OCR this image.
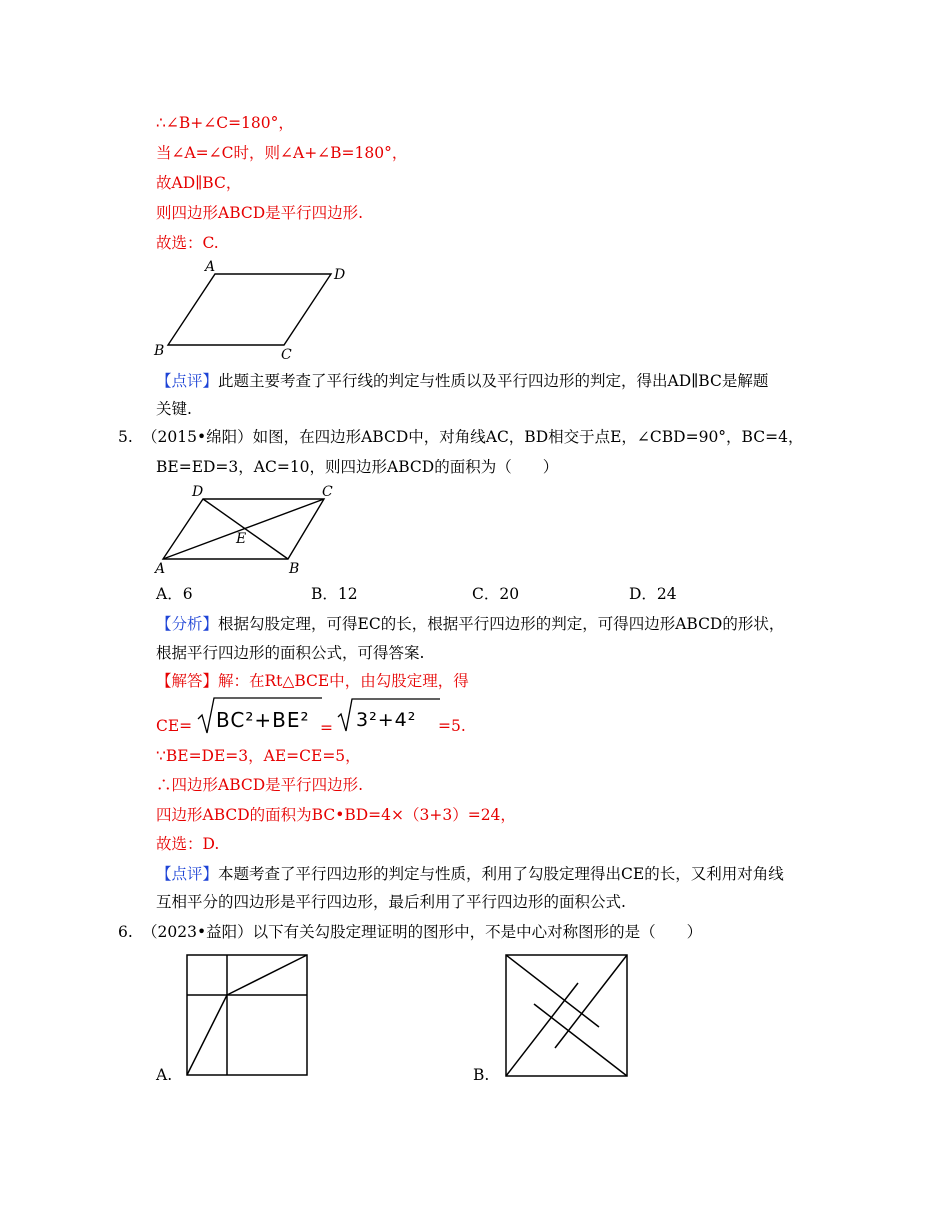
∴∠B+∠C=180°，
当∠A=∠C时，则∠A+∠B=180°，
故AD∥BC，
则四边形ABCD是平行四边形.
故选：C.
A	D
B	C
【点评】此题主要考查了平行线的判定与性质以及平行四边形的判定，得出AD∥BC是解题
关键.
5. （2015•绵阳）如图，在四边形ABCD中，对角线AC，BD相交于点E，∠CBD=90°，BC=4，
BE=ED=3，AC=10，则四边形ABCD的面积为（　　）
D	C
E
A	B
A．6	B．12	C．20	D．24
【分析】根据勾股定理，可得EC的长，根据平行四边形的判定，可得四边形ABCD的形状，
根据平行四边形的面积公式，可得答案.
【解答】解：在Rt△BCE中，由勾股定理，得
CE= BC²+BE² = 3²+4² =5.
∵BE=DE=3，AE=CE=5，
∴四边形ABCD是平行四边形.
四边形ABCD的面积为BC•BD=4×（3+3）=24，
故选：D.
【点评】本题考查了平行四边形的判定与性质，利用了勾股定理得出CE的长，又利用对角线
互相平分的四边形是平行四边形，最后利用了平行四边形的面积公式.
6. （2023•益阳）以下有关勾股定理证明的图形中，不是中心对称图形的是（　　）
A.	B.
